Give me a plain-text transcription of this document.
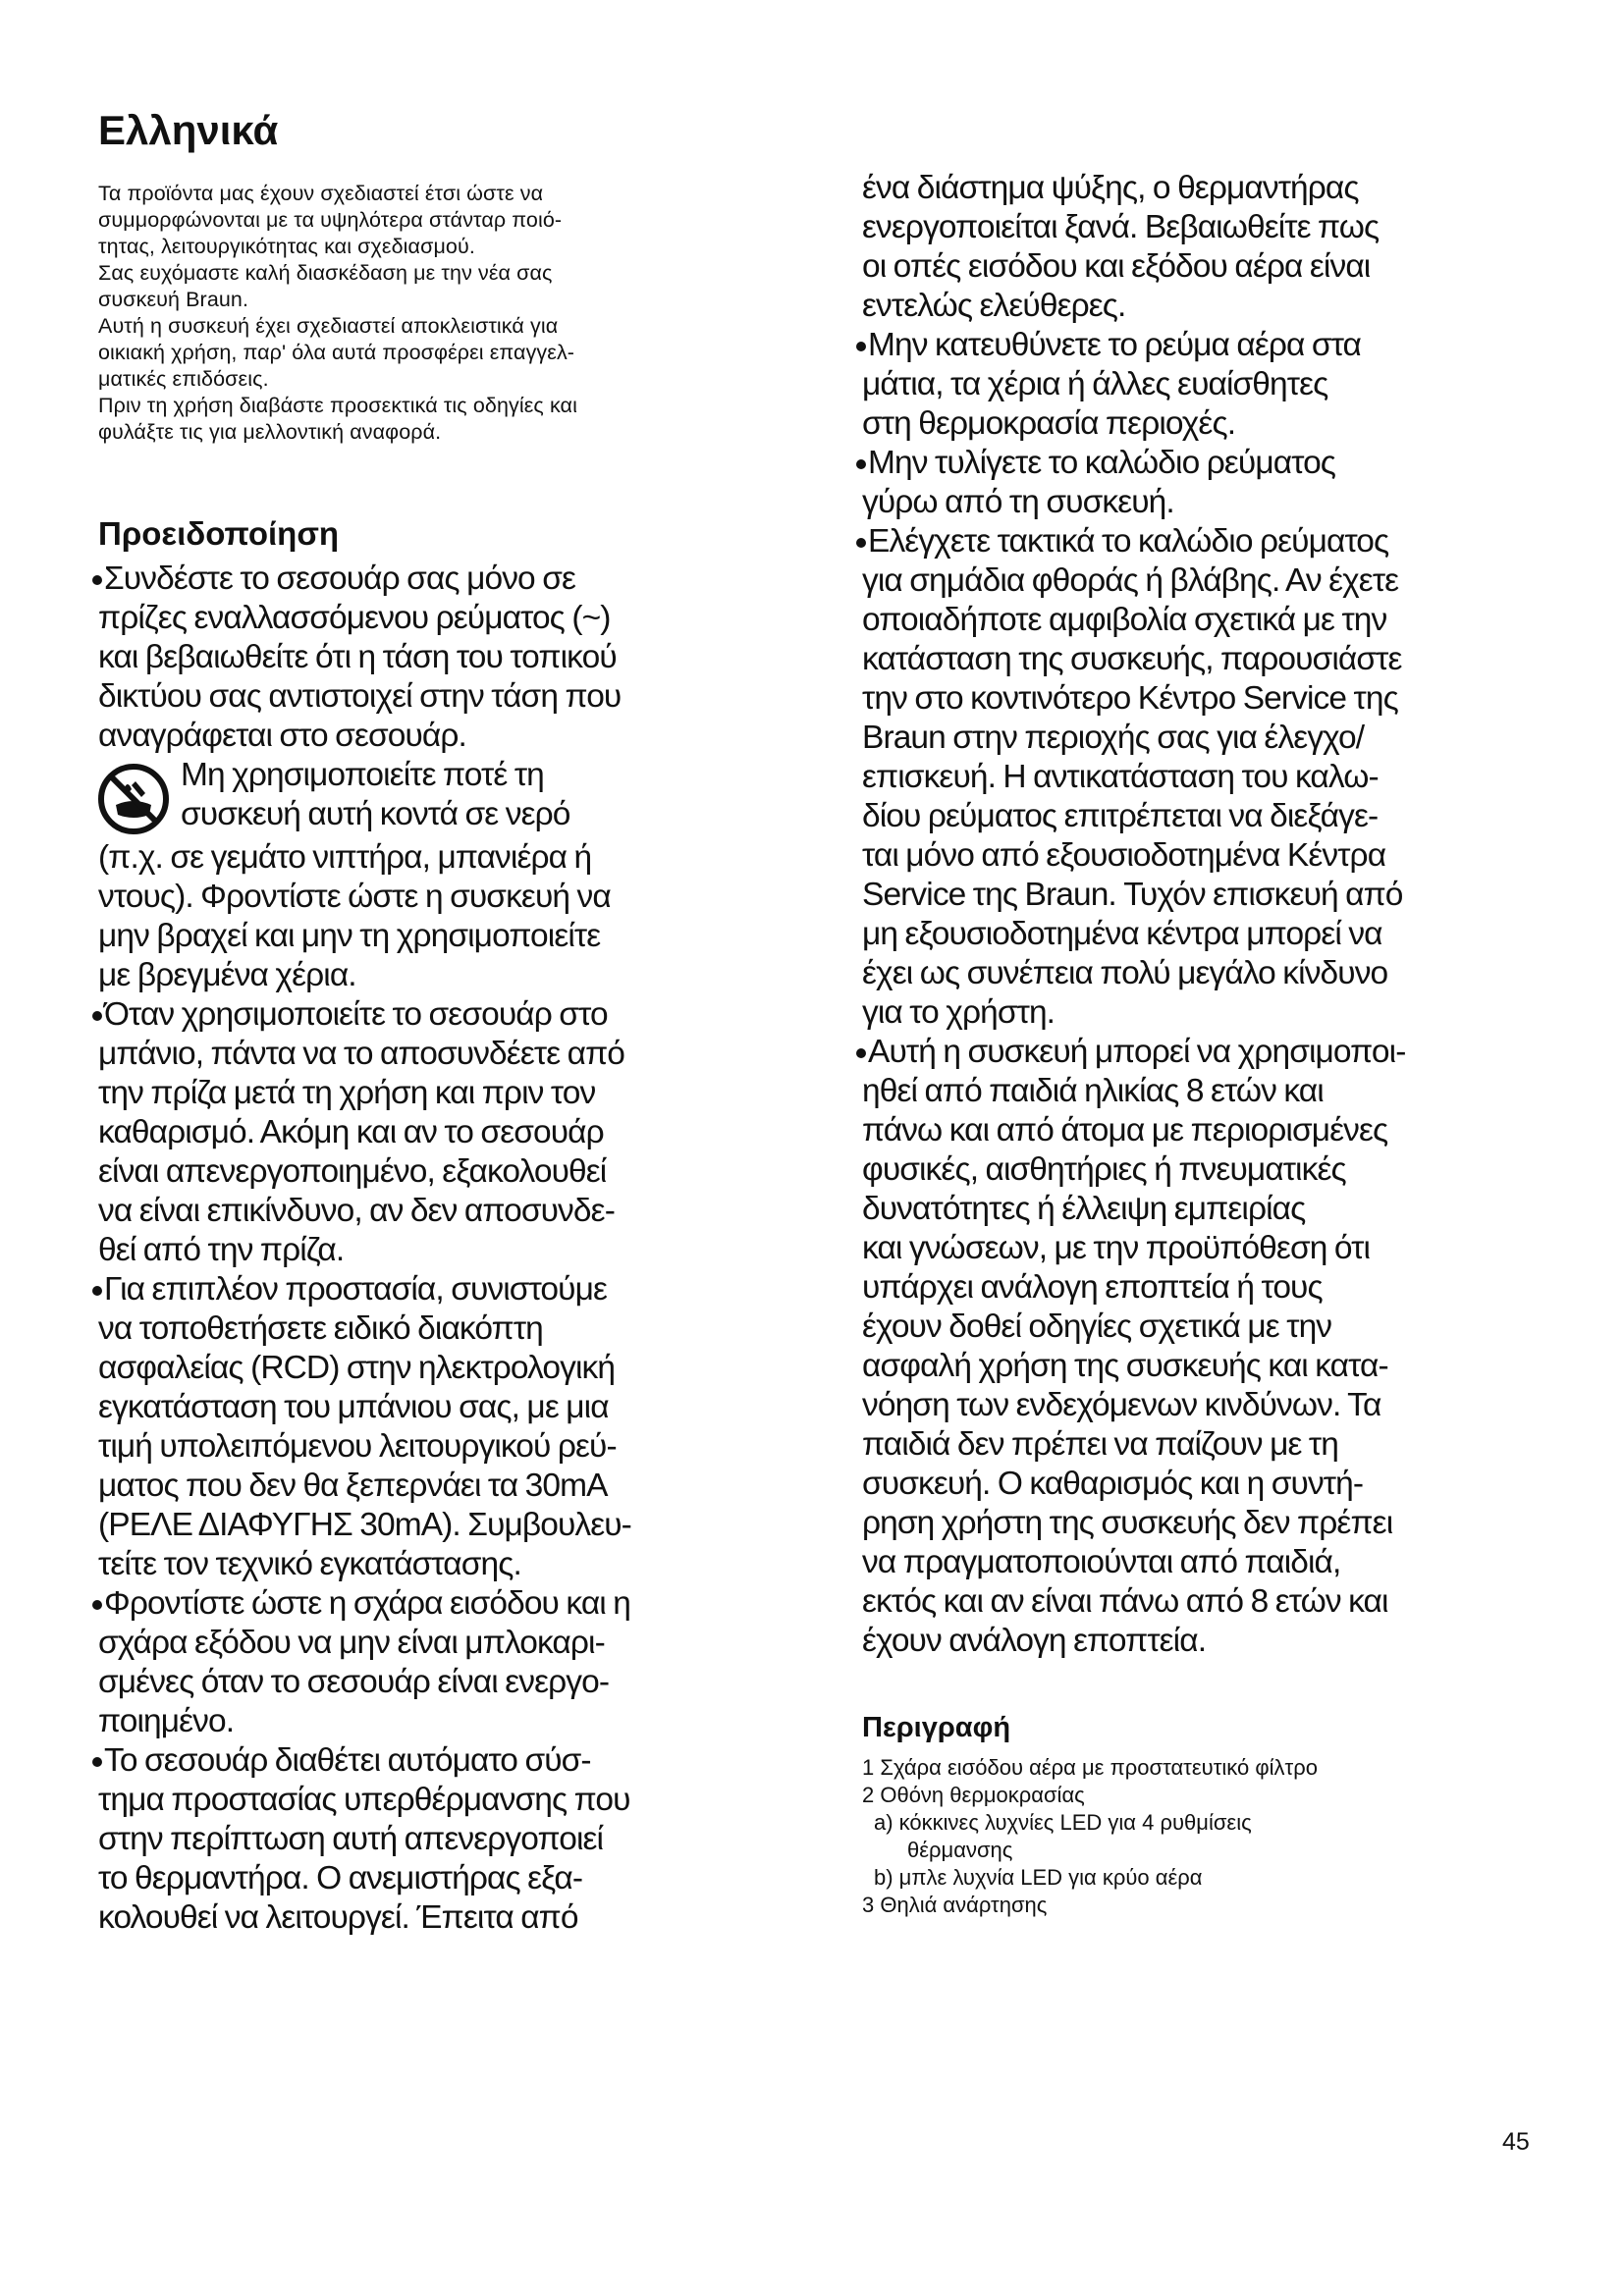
Ελληνικά

Τα προϊόντα μας έχουν σχεδιαστεί έτσι ώστε να

συμμορφώνονται με τα υψηλότερα στάνταρ ποιό-

τητας, λειτουργικότητας και σχεδιασμού.

Σας ευχόμαστε καλή διασκέδαση με την νέα σας

συσκευή Braun.

Αυτή η συσκευή έχει σχεδιαστεί αποκλειστικά για

οικιακή χρήση, παρ' όλα αυτά προσφέρει επαγγελ-

ματικές επιδόσεις.

Πριν τη χρήση διαβάστε προσεκτικά τις οδηγίες και

φυλάξτε τις για μελλοντική αναφορά.

Προειδοποίηση

Συνδέστε το σεσουάρ σας μόνο σε

πρίζες εναλλασσόμενου ρεύματος (~)

και βεβαιωθείτε ότι η τάση του τοπικού

δικτύου σας αντιστοιχεί στην τάση που

αναγράφεται στο σεσουάρ.

Μη χρησιμοποιείτε ποτέ τη

συσκευή αυτή κοντά σε νερό

(π.χ. σε γεμάτο νιπτήρα, μπανιέρα ή

ντους). Φροντίστε ώστε η συσκευή να

μην βραχεί και μην τη χρησιμοποιείτε

με βρεγμένα χέρια.

Όταν χρησιμοποιείτε το σεσουάρ στο

μπάνιο, πάντα να το αποσυνδέετε από

την πρίζα μετά τη χρήση και πριν τον

καθαρισμό. Ακόμη και αν το σεσουάρ

είναι απενεργοποιημένο, εξακολουθεί

να είναι επικίνδυνο, αν δεν αποσυνδε-

θεί από την πρίζα.

Για επιπλέον προστασία, συνιστούμε

να τοποθετήσετε ειδικό διακόπτη

ασφαλείας (RCD) στην ηλεκτρολογική

εγκατάσταση του μπάνιου σας, με μια

τιμή υπολειπόμενου λειτουργικού ρεύ-

ματος που δεν θα ξεπερνάει τα 30mA

(ΡΕΛΕ ΔΙΑΦΥΓΗΣ 30mA). Συμβουλευ-

τείτε τον τεχνικό εγκατάστασης.

Φροντίστε ώστε η σχάρα εισόδου και η

σχάρα εξόδου να μην είναι μπλοκαρι-

σμένες όταν το σεσουάρ είναι ενεργο-

ποιημένο.

Το σεσουάρ διαθέτει αυτόματο σύσ-

τημα προστασίας υπερθέρμανσης που

στην περίπτωση αυτή απενεργοποιεί

το θερμαντήρα. Ο ανεμιστήρας εξα-

κολουθεί να λειτουργεί. Έπειτα από

ένα διάστημα ψύξης, ο θερμαντήρας

ενεργοποιείται ξανά. Βεβαιωθείτε πως

οι οπές εισόδου και εξόδου αέρα είναι

εντελώς ελεύθερες.

Μην κατευθύνετε το ρεύμα αέρα στα

μάτια, τα χέρια ή άλλες ευαίσθητες

στη θερμοκρασία περιοχές.

Μην τυλίγετε το καλώδιο ρεύματος

γύρω από τη συσκευή.

Ελέγχετε τακτικά το καλώδιο ρεύματος

για σημάδια φθοράς ή βλάβης. Αν έχετε

οποιαδήποτε αμφιβολία σχετικά με την

κατάσταση της συσκευής, παρουσιάστε

την στο κοντινότερο Κέντρο Service της

Braun στην περιοχής σας για έλεγχο/

επισκευή. Η αντικατάσταση του καλω-

δίου ρεύματος επιτρέπεται να διεξάγε-

ται μόνο από εξουσιοδοτημένα Κέντρα

Service της Braun. Τυχόν επισκευή από

μη εξουσιοδοτημένα κέντρα μπορεί να

έχει ως συνέπεια πολύ μεγάλο κίνδυνο

για το χρήστη.

Αυτή η συσκευή μπορεί να χρησιμοποι-

ηθεί από παιδιά ηλικίας 8 ετών και

πάνω και από άτομα με περιορισμένες

φυσικές, αισθητήριες ή πνευματικές

δυνατότητες ή έλλειψη εμπειρίας

και γνώσεων, με την προϋπόθεση ότι

υπάρχει ανάλογη εποπτεία ή τους

έχουν δοθεί οδηγίες σχετικά με την

ασφαλή χρήση της συσκευής και κατα-

νόηση των ενδεχόμενων κινδύνων. Τα

παιδιά δεν πρέπει να παίζουν με τη

συσκευή. Ο καθαρισμός και η συντή-

ρηση χρήστη της συσκευής δεν πρέπει

να πραγματοποιούνται από παιδιά,

εκτός και αν είναι πάνω από 8 ετών και

έχουν ανάλογη εποπτεία.

Περιγραφή
1 Σχάρα εισόδου αέρα με προστατευτικό φίλτρο
2 Οθόνη θερμοκρασίας
a) κόκκινες λυχνίες LED για 4 ρυθμίσεις
θέρμανσης
b) μπλε λυχνία LED για κρύο αέρα
3 Θηλιά ανάρτησης
45
